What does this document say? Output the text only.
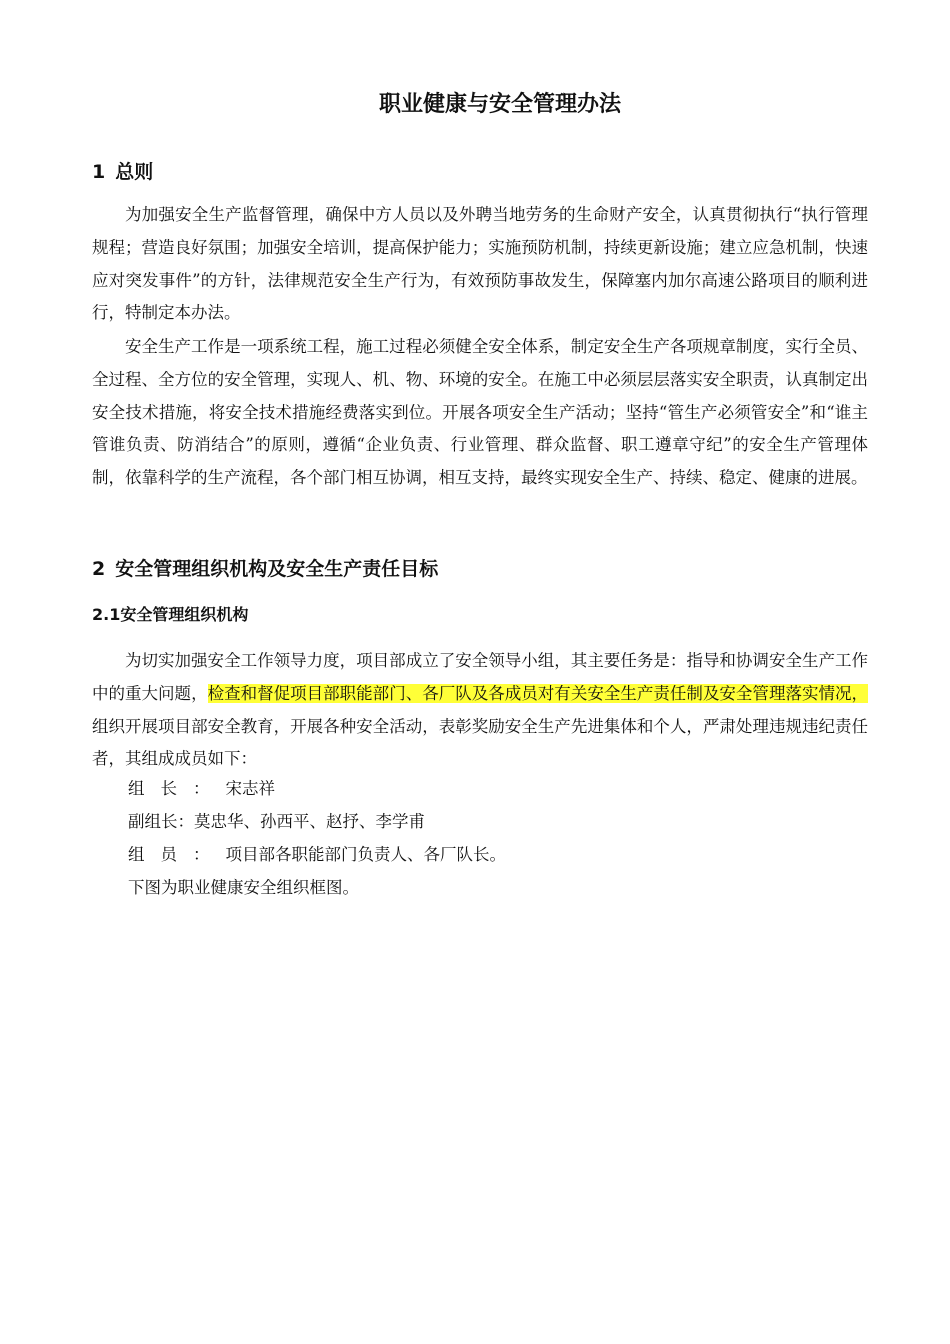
职业健康与安全管理办法
1 总则

为加强安全生产监督管理，确保中方人员以及外聘当地劳务的生命财产安全，认真贯彻执行“执行管理规程；营造良好氛围；加强安全培训，提高保护能力；实施预防机制，持续更新设施；建立应急机制，快速应对突发事件”的方针，法律规范安全生产行为，有效预防事故发生，保障塞内加尔高速公路项目的顺利进行，特制定本办法。

安全生产工作是一项系统工程，施工过程必须健全安全体系，制定安全生产各项规章制度，实行全员、全过程、全方位的安全管理，实现人、机、物、环境的安全。在施工中必须层层落实安全职责，认真制定出安全技术措施，将安全技术措施经费落实到位。开展各项安全生产活动；坚持“管生产必须管安全”和“谁主管谁负责、防消结合”的原则，遵循“企业负责、行业管理、群众监督、职工遵章守纪”的安全生产管理体制，依靠科学的生产流程，各个部门相互协调，相互支持，最终实现安全生产、持续、稳定、健康的进展。

2 安全管理组织机构及安全生产责任目标
2.1安全管理组织机构

为切实加强安全工作领导力度，项目部成立了安全领导小组，其主要任务是：指导和协调安全生产工作中的重大问题，检查和督促项目部职能部门、各厂队及各成员对有关安全生产责任制及安全管理落实情况，组织开展项目部安全教育，开展各种安全活动，表彰奖励安全生产先进集体和个人，严肃处理违规违纪责任者，其组成成员如下：

组长：宋志祥
副组长：莫忠华、孙西平、赵抒、李学甫
组员：项目部各职能部门负责人、各厂队长。
下图为职业健康安全组织框图。
